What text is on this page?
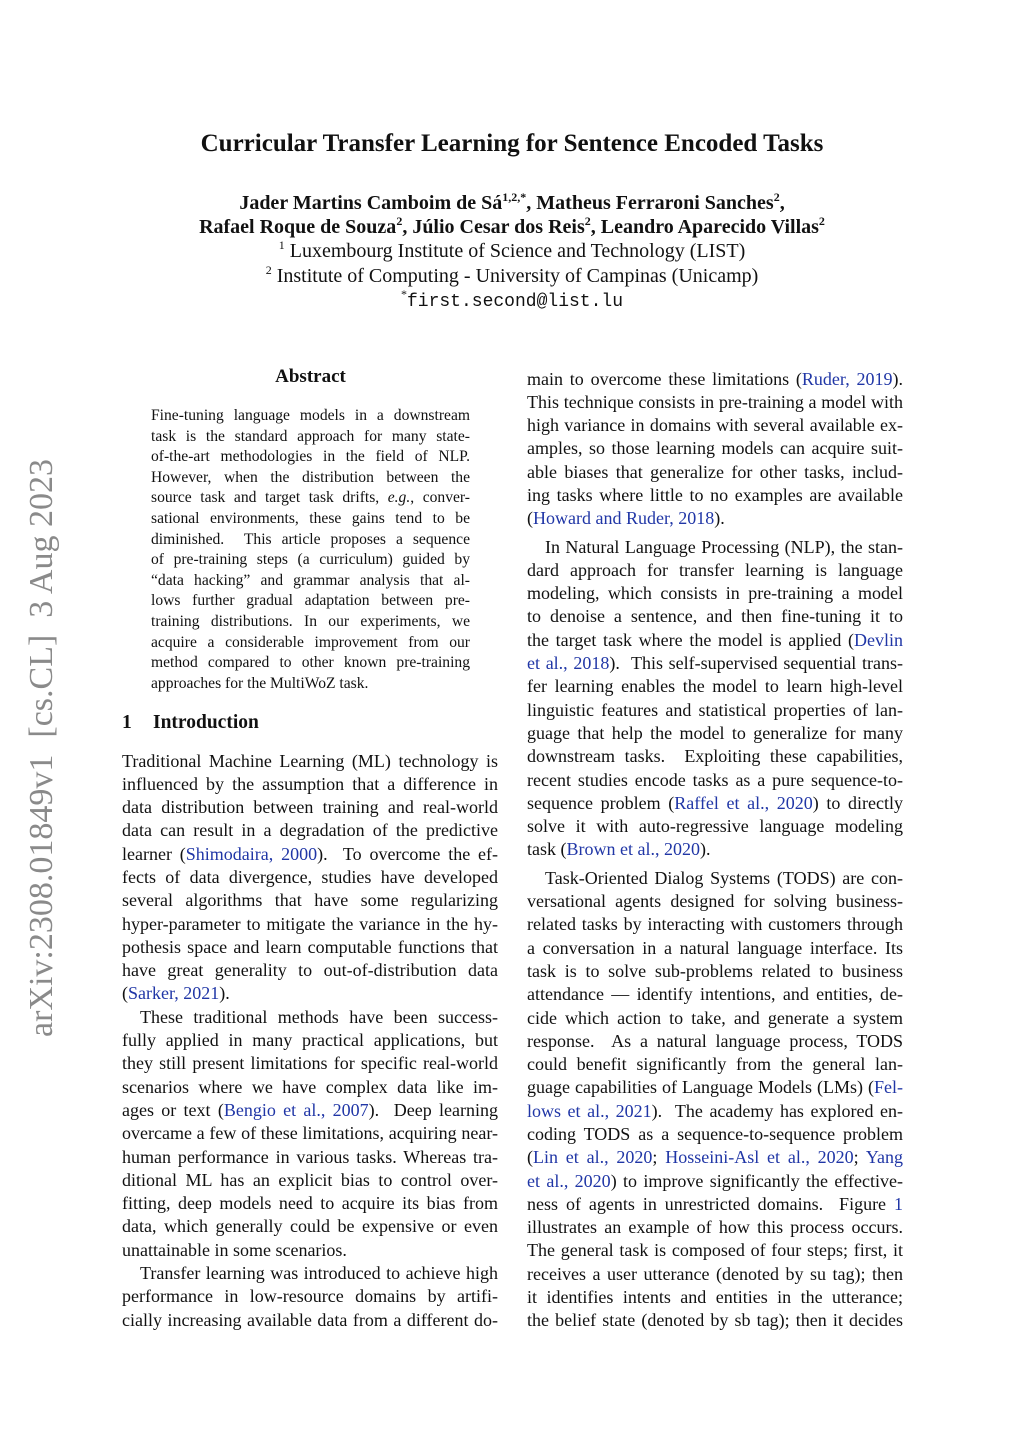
arXiv:2308.01849v1  [cs.CL]  3 Aug 2023
Curricular Transfer Learning for Sentence Encoded Tasks
Jader Martins Camboim de $Sá^{1,2,*}$, Matheus Ferraroni Sanches$^2$,
Rafael Roque de Souza$^2$, Júlio Cesar dos Reis$^2$, Leandro Aparecido Villas$^2$
$^1$ Luxembourg Institute of Science and Technology (LIST)
$^2$ Institute of Computing - University of Campinas (Unicamp)
*first.second@list.lu
Abstract
Fine-tuning language models in a downstream
task is the standard approach for many state-
of-the-art methodologies in the field of NLP.
However, when the distribution between the
source task and target task drifts, e.g., conver-
sational environments, these gains tend to be
diminished.  This article proposes a sequence
of pre-training steps (a curriculum) guided by
“data hacking” and grammar analysis that al-
lows further gradual adaptation between pre-
training distributions. In our experiments, we
acquire a considerable improvement from our
method compared to other known pre-training
approaches for the MultiWoZ task.
1 Introduction
Traditional Machine Learning (ML) technology is
influenced by the assumption that a difference in
data distribution between training and real-world
data can result in a degradation of the predictive
learner (Shimodaira, 2000).  To overcome the ef-
fects of data divergence, studies have developed
several algorithms that have some regularizing
hyper-parameter to mitigate the variance in the hy-
pothesis space and learn computable functions that
have great generality to out-of-distribution data
(Sarker, 2021).
These traditional methods have been success-
fully applied in many practical applications, but
they still present limitations for specific real-world
scenarios where we have complex data like im-
ages or text (Bengio et al., 2007).  Deep learning
overcame a few of these limitations, acquiring near-
human performance in various tasks. Whereas tra-
ditional ML has an explicit bias to control over-
fitting, deep models need to acquire its bias from
data, which generally could be expensive or even
unattainable in some scenarios.
Transfer learning was introduced to achieve high
performance in low-resource domains by artifi-
cially increasing available data from a different do-
main to overcome these limitations (Ruder, 2019).
This technique consists in pre-training a model with
high variance in domains with several available ex-
amples, so those learning models can acquire suit-
able biases that generalize for other tasks, includ-
ing tasks where little to no examples are available
(Howard and Ruder, 2018).
In Natural Language Processing (NLP), the stan-
dard approach for transfer learning is language
modeling, which consists in pre-training a model
to denoise a sentence, and then fine-tuning it to
the target task where the model is applied (Devlin
et al., 2018).  This self-supervised sequential trans-
fer learning enables the model to learn high-level
linguistic features and statistical properties of lan-
guage that help the model to generalize for many
downstream tasks.  Exploiting these capabilities,
recent studies encode tasks as a pure sequence-to-
sequence problem (Raffel et al., 2020) to directly
solve it with auto-regressive language modeling
task (Brown et al., 2020).
Task-Oriented Dialog Systems (TODS) are con-
versational agents designed for solving business-
related tasks by interacting with customers through
a conversation in a natural language interface. Its
task is to solve sub-problems related to business
attendance — identify intentions, and entities, de-
cide which action to take, and generate a system
response.  As a natural language process, TODS
could benefit significantly from the general lan-
guage capabilities of Language Models (LMs) (Fel-
lows et al., 2021).  The academy has explored en-
coding TODS as a sequence-to-sequence problem
(Lin et al., 2020; Hosseini-Asl et al., 2020; Yang
et al., 2020) to improve significantly the effective-
ness of agents in unrestricted domains.  Figure 1
illustrates an example of how this process occurs.
The general task is composed of four steps; first, it
receives a user utterance (denoted by su tag); then
it identifies intents and entities in the utterance;
the belief state (denoted by sb tag); then it decides
